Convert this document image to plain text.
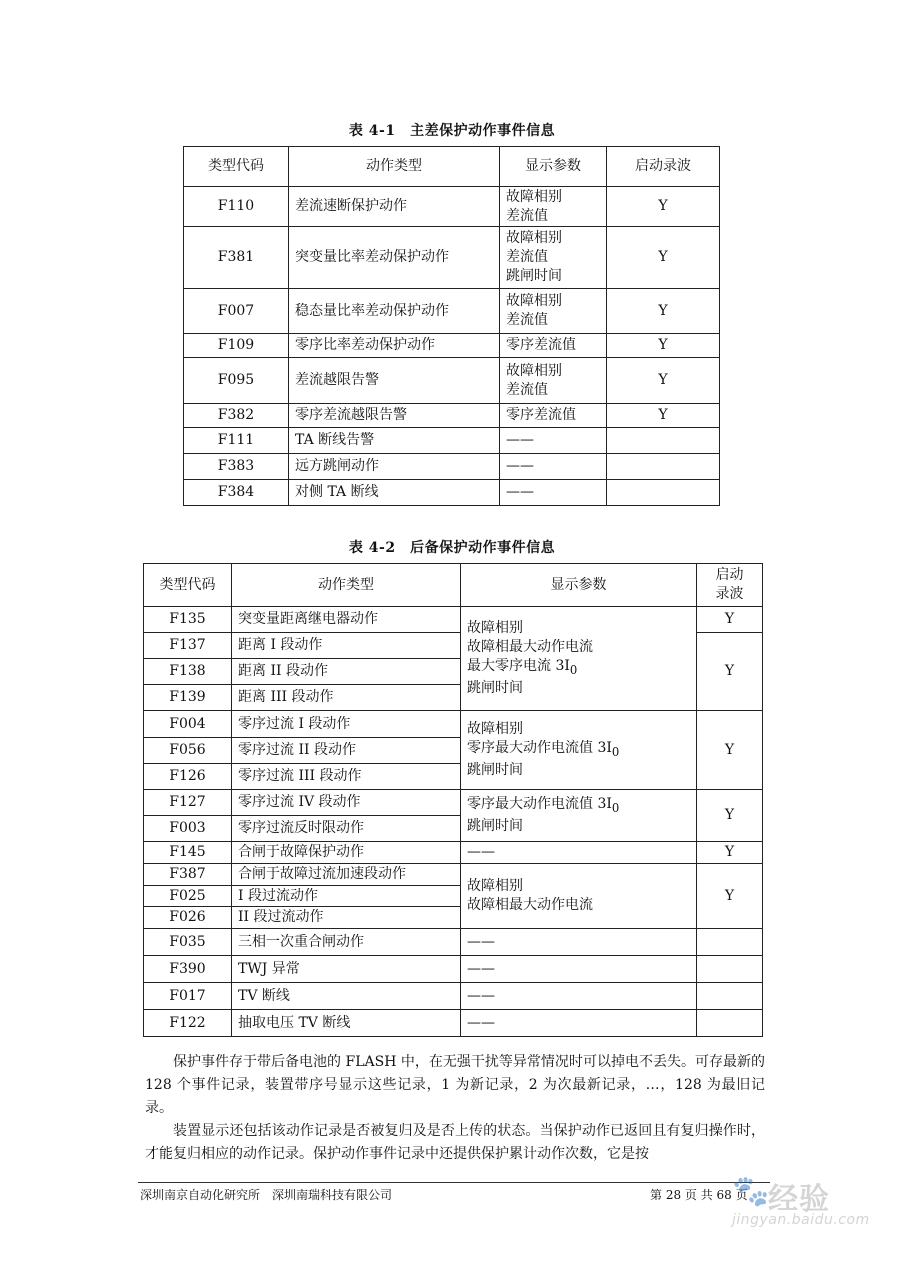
表 4-1　主差保护动作事件信息
类型代码	动作类型	显示参数	启动录波
F110	差流速断保护动作	故障相别
差流值	Y
F381	突变量比率差动保护动作	故障相别
差流值
跳闸时间	Y
F007	稳态量比率差动保护动作	故障相别
差流值	Y
F109	零序比率差动保护动作	零序差流值	Y
F095	差流越限告警	故障相别
差流值	Y
F382	零序差流越限告警	零序差流值	Y
F111	TA 断线告警	——	

F383	远方跳闸动作	——	

F384	对侧 TA 断线	——	

表 4-2　后备保护动作事件信息
类型代码	动作类型	显示参数	启动
录波

F135	突变量距离继电器动作	故障相别
故障相最大动作电流
最大零序电流 $3I_0$
跳闸时间	Y
F137	距离 I 段动作		Y
F138	距离 II 段动作		
F139	距离 III 段动作		
F004	零序过流 I 段动作	故障相别
零序最大动作电流值 $3I_0$
跳闸时间	Y
F056	零序过流 II 段动作		
F126	零序过流 III 段动作		
F127	零序过流 IV 段动作	零序最大动作电流值 $3I_0$
跳闸时间	Y
F003	零序过流反时限动作		
F145	合闸于故障保护动作	——	Y
F387	合闸于故障过流加速段动作	故障相别
故障相最大动作电流	Y
F025	I 段过流动作		
F026	II 段过流动作		
F035	三相一次重合闸动作	——	

F390	TWJ 异常	——	

F017	TV 断线	——	

F122	抽取电压 TV 断线	——	

保护事件存于带后备电池的 FLASH 中，在无强干扰等异常情况时可以掉电不丢失。可存最新的 128 个事件记录，装置带序号显示这些记录，1 为新记录，2 为次最新记录，…，128 为最旧记录。

装置显示还包括该动作记录是否被复归及是否上传的状态。当保护动作已返回且有复归操作时，才能复归相应的动作记录。保护动作事件记录中还提供保护累计动作次数，它是按

深圳南京自动化研究所　深圳南瑞科技有限公司	第 28 页 共 68 页
🐾
经验
jingyan.baidu.com
